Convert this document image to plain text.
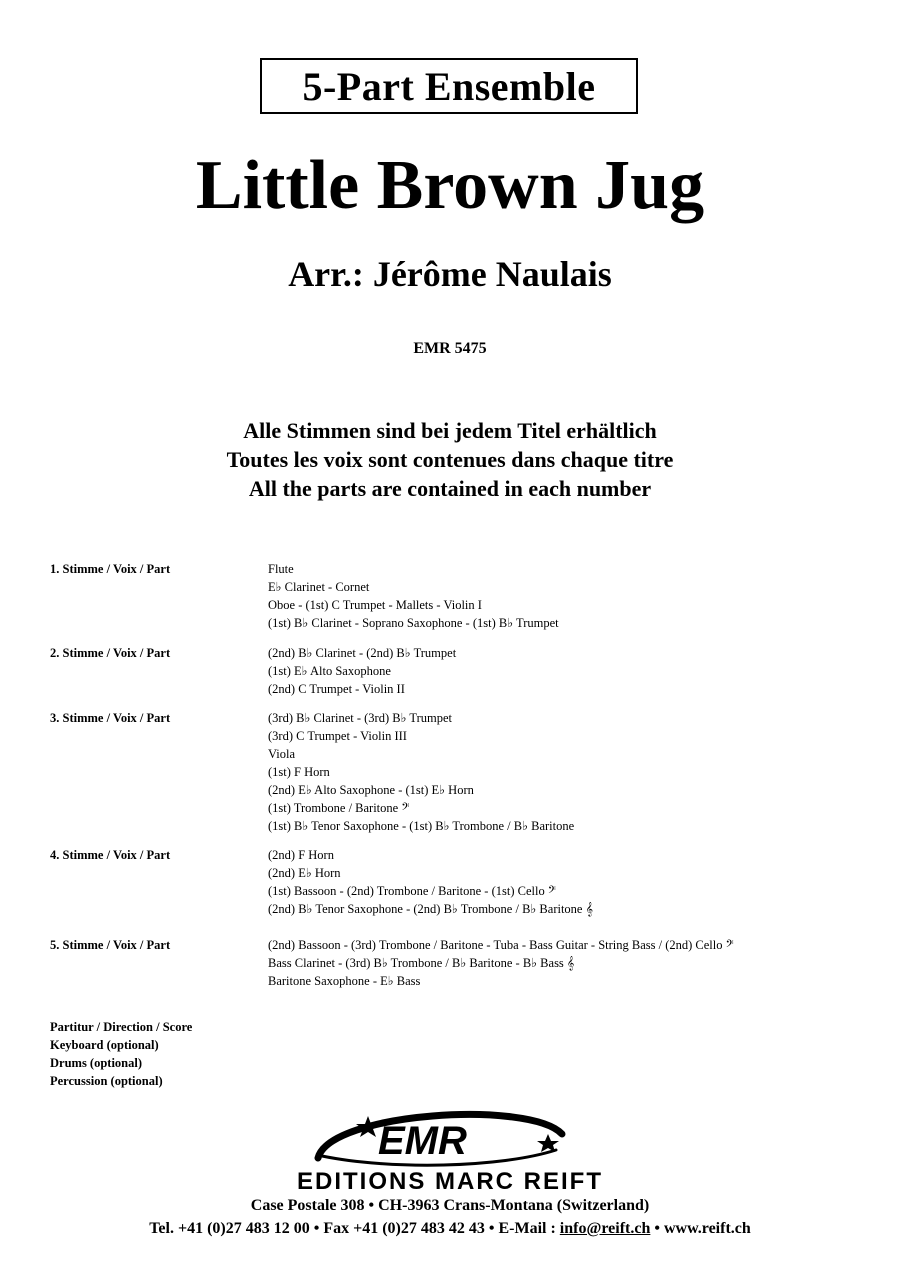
5-Part Ensemble
Little Brown Jug
Arr.: Jérôme Naulais
EMR 5475
Alle Stimmen sind bei jedem Titel erhältlich
Toutes les voix sont contenues dans chaque titre
All the parts are contained in each number
1. Stimme / Voix / Part	Flute
E♭ Clarinet - Cornet
Oboe - (1st) C Trumpet - Mallets - Violin I
(1st) B♭ Clarinet - Soprano Saxophone - (1st) B♭ Trumpet
2. Stimme / Voix / Part	(2nd) B♭ Clarinet - (2nd) B♭ Trumpet
(1st) E♭ Alto Saxophone
(2nd) C Trumpet - Violin II
3. Stimme / Voix / Part	(3rd) B♭ Clarinet - (3rd) B♭ Trumpet
(3rd) C Trumpet - Violin III
Viola
(1st) F Horn
(2nd) E♭ Alto Saxophone - (1st) E♭ Horn
(1st) Trombone / Baritone 𝄢
(1st) B♭ Tenor Saxophone - (1st) B♭ Trombone / B♭ Baritone
4. Stimme / Voix / Part	(2nd) F Horn
(2nd) E♭ Horn
(1st) Bassoon - (2nd) Trombone / Baritone - (1st) Cello 𝄢
(2nd) B♭ Tenor Saxophone - (2nd) B♭ Trombone / B♭ Baritone 𝄞
5. Stimme / Voix / Part	(2nd) Bassoon - (3rd) Trombone / Baritone - Tuba - Bass Guitar - String Bass / (2nd) Cello 𝄢
Bass Clarinet - (3rd) B♭ Trombone / B♭ Baritone - B♭ Bass 𝄞
Baritone Saxophone - E♭ Bass
Partitur / Direction / Score
Keyboard (optional)
Drums (optional)
Percussion (optional)
EMR
EDITIONS MARC REIFT
Case Postale 308 • CH-3963 Crans-Montana (Switzerland)
Tel. +41 (0)27 483 12 00 • Fax +41 (0)27 483 42 43 • E-Mail : info@reift.ch • www.reift.ch
